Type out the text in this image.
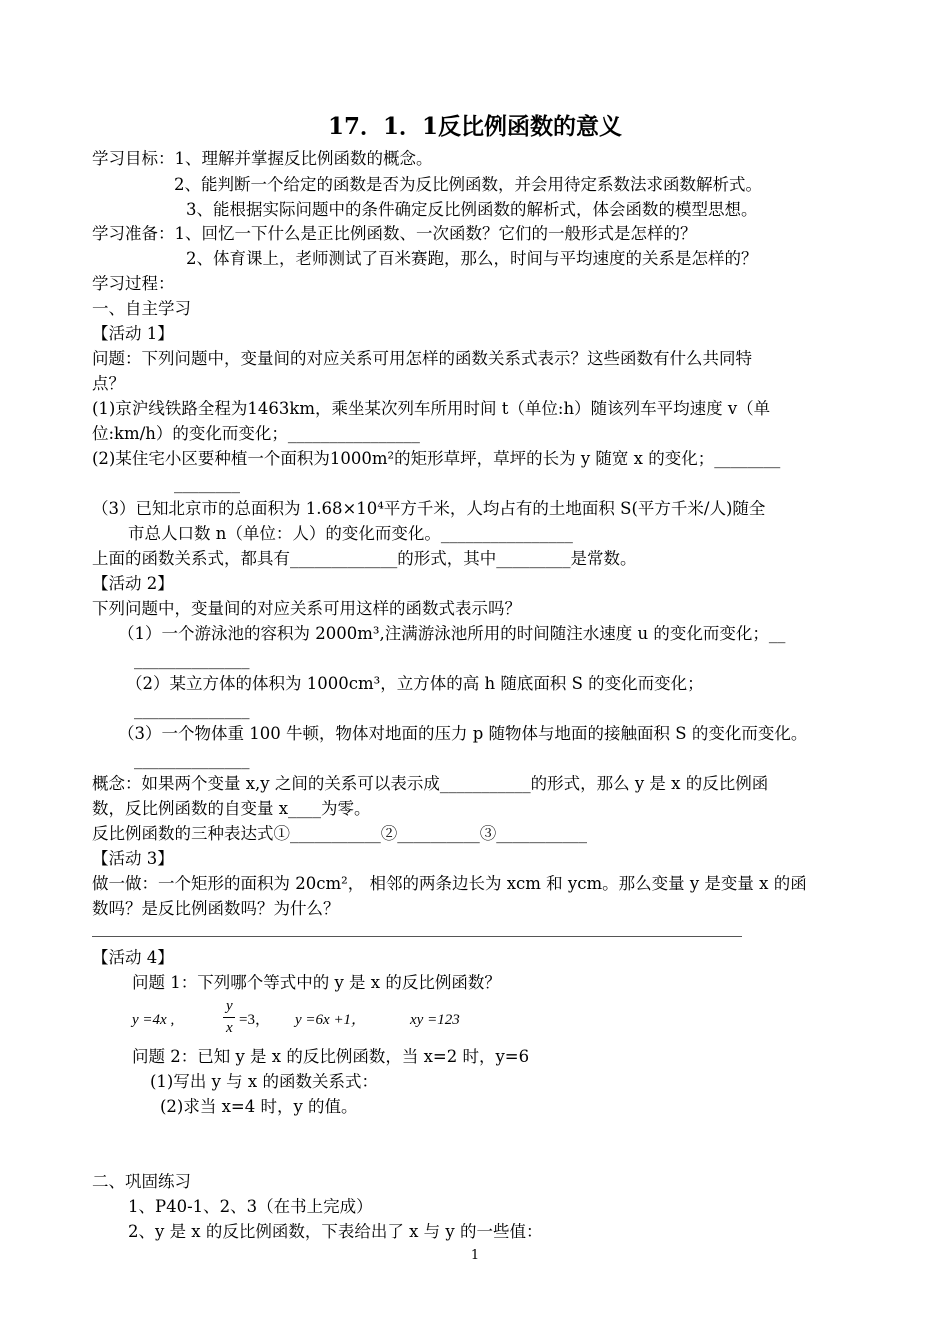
17．1．1反比例函数的意义
学习目标：1、理解并掌握反比例函数的概念。
2、能判断一个给定的函数是否为反比例函数，并会用待定系数法求函数解析式。
3、能根据实际问题中的条件确定反比例函数的解析式，体会函数的模型思想。
学习准备：1、回忆一下什么是正比例函数、一次函数？它们的一般形式是怎样的？
2、体育课上，老师测试了百米赛跑，那么，时间与平均速度的关系是怎样的？
学习过程：
一、自主学习
【活动 1】
问题：下列问题中，变量间的对应关系可用怎样的函数关系式表示？这些函数有什么共同特
点？
(1)京沪线铁路全程为1463km，乘坐某次列车所用时间 t（单位:h）随该列车平均速度 v（单
位:km/h）的变化而变化；________________
(2)某住宅小区要种植一个面积为1000m²的矩形草坪，草坪的长为 y 随宽 x 的变化；________
________
（3）已知北京市的总面积为 1.68×10⁴平方千米，人均占有的土地面积 S(平方千米/人)随全
市总人口数 n（单位：人）的变化而变化。________________
上面的函数关系式，都具有_____________的形式，其中_________是常数。
【活动 2】
下列问题中，变量间的对应关系可用这样的函数式表示吗？
（1）一个游泳池的容积为 2000m³,注满游泳池所用的时间随注水速度 u 的变化而变化；__
______________
（2）某立方体的体积为 1000cm³，立方体的高 h 随底面积 S 的变化而变化；
______________
（3）一个物体重 100 牛顿，物体对地面的压力 p 随物体与地面的接触面积 S 的变化而变化。
______________
概念：如果两个变量 x,y 之间的关系可以表示成___________的形式，那么 y 是 x 的反比例函
数，反比例函数的自变量 x____为零。
反比例函数的三种表达式①___________②__________③___________
【活动 3】
做一做：一个矩形的面积为 20cm²， 相邻的两条边长为 xcm 和 ycm。那么变量 y 是变量 x 的函
数吗？是反比例函数吗？为什么？
【活动 4】
问题 1：下列哪个等式中的 y 是 x 的反比例函数？
y =4x ,
y
x =3， y =6x +1，	xy =123
问题 2：已知 y 是 x 的反比例函数，当 x=2 时，y=6
(1)写出 y 与 x 的函数关系式：
(2)求当 x=4 时，y 的值。
二、巩固练习
1、P40-1、2、3（在书上完成）
2、y 是 x 的反比例函数，下表给出了 x 与 y 的一些值：
1
